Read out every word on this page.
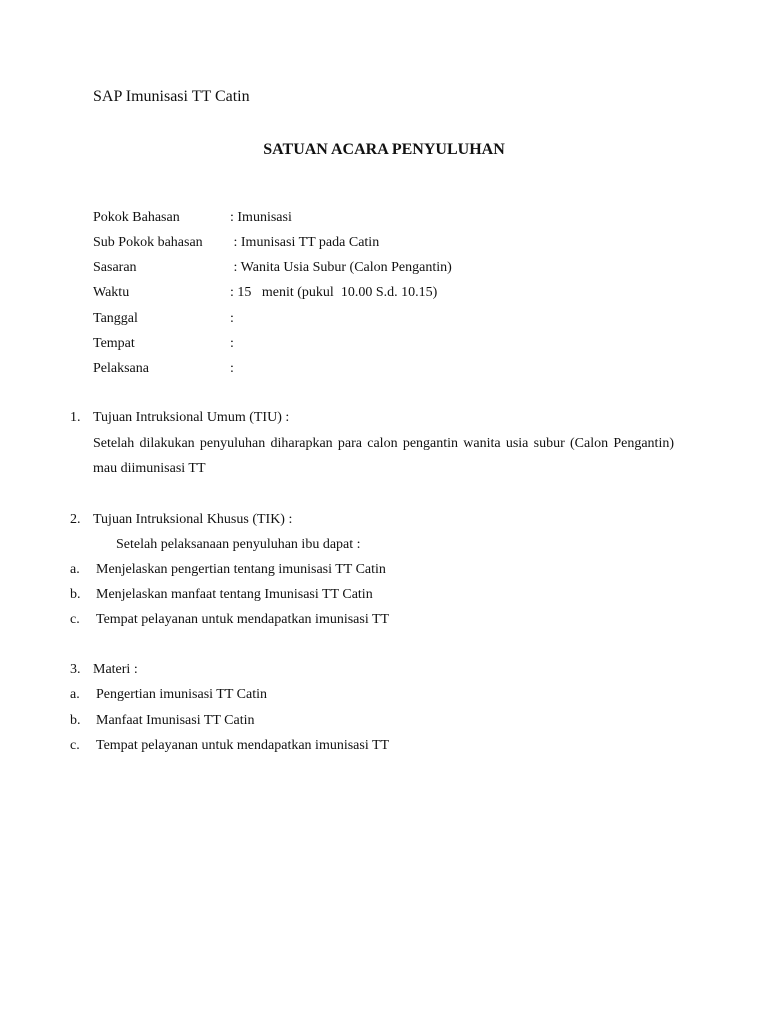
SAP Imunisasi TT Catin
SATUAN ACARA PENYULUHAN
Pokok Bahasan	: Imunisasi
Sub Pokok bahasan : Imunisasi TT pada Catin
Sasaran	: Wanita Usia Subur (Calon Pengantin)
Waktu	: 15   menit (pukul  10.00 S.d. 10.15)
Tanggal	:
Tempat	:
Pelaksana	:
1. Tujuan Intruksional Umum (TIU) :
Setelah dilakukan penyuluhan diharapkan para calon pengantin wanita usia subur (Calon Pengantin) mau diimunisasi TT
2. Tujuan Intruksional Khusus (TIK) :
Setelah pelaksanaan penyuluhan ibu dapat :
a. Menjelaskan pengertian tentang imunisasi TT Catin
b. Menjelaskan manfaat tentang Imunisasi TT Catin
c. Tempat pelayanan untuk mendapatkan imunisasi TT
3. Materi :
a. Pengertian imunisasi TT Catin
b. Manfaat Imunisasi TT Catin
c. Tempat pelayanan untuk mendapatkan imunisasi TT
